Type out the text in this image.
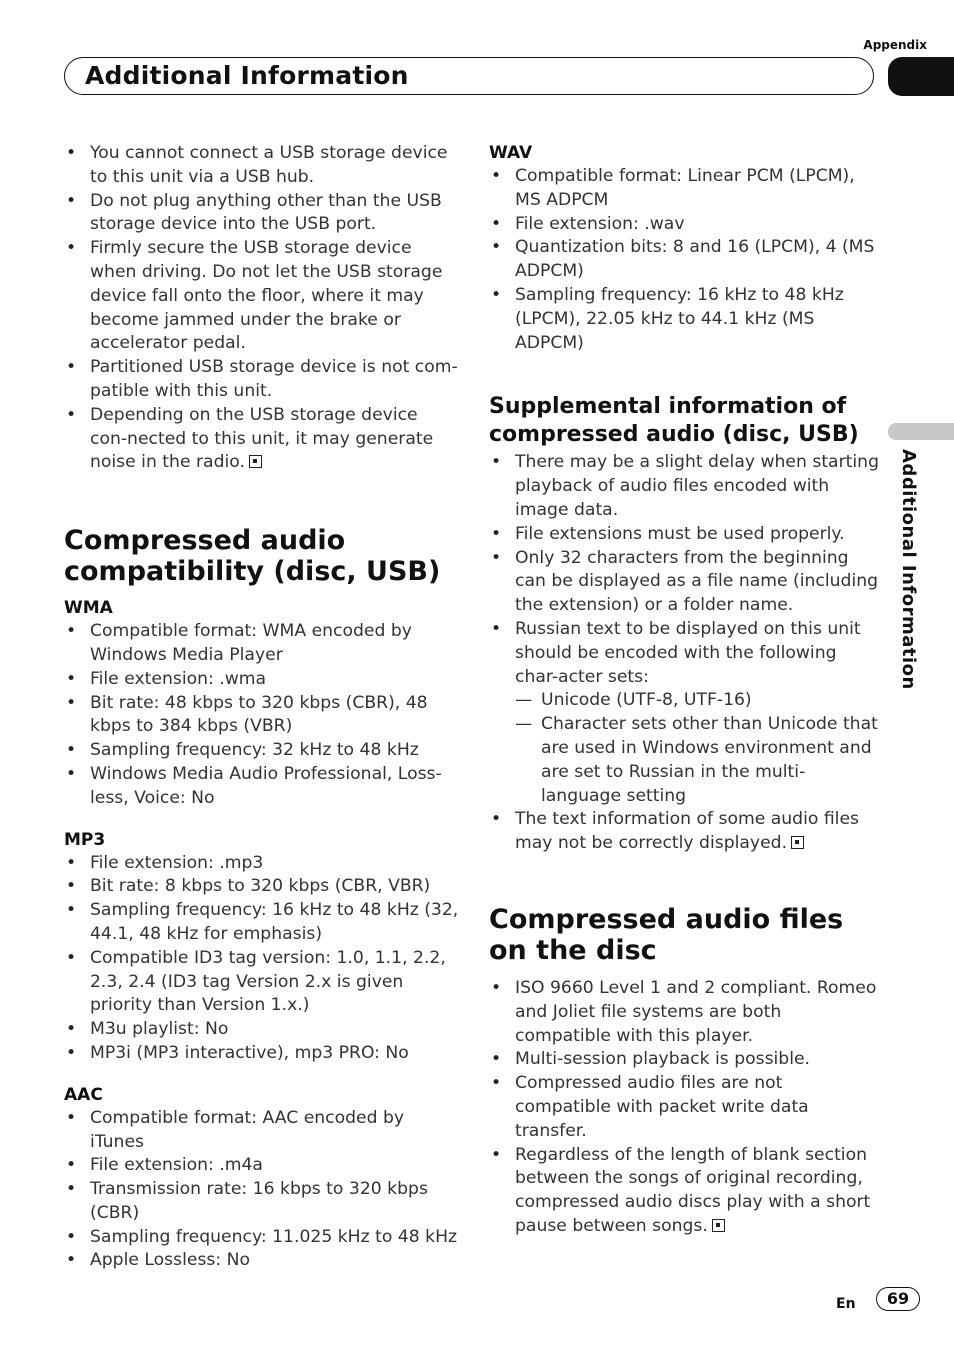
Appendix
Additional Information
Additional Information
• You cannot connect a USB storage device to this unit via a USB hub.
• Do not plug anything other than the USB storage device into the USB port.
• Firmly secure the USB storage device when driving. Do not let the USB storage device fall onto the floor, where it may become jammed under the brake or accelerator pedal.
• Partitioned USB storage device is not com-patible with this unit.
• Depending on the USB storage device con-nected to this unit, it may generate noise in the radio.
Compressed audio compatibility (disc, USB)
WMA
• Compatible format: WMA encoded by Windows Media Player
• File extension: .wma
• Bit rate: 48 kbps to 320 kbps (CBR), 48 kbps to 384 kbps (VBR)
• Sampling frequency: 32 kHz to 48 kHz
• Windows Media Audio Professional, Loss-less, Voice: No
MP3
• File extension: .mp3
• Bit rate: 8 kbps to 320 kbps (CBR, VBR)
• Sampling frequency: 16 kHz to 48 kHz (32, 44.1, 48 kHz for emphasis)
• Compatible ID3 tag version: 1.0, 1.1, 2.2, 2.3, 2.4 (ID3 tag Version 2.x is given priority than Version 1.x.)
• M3u playlist: No
• MP3i (MP3 interactive), mp3 PRO: No
AAC
• Compatible format: AAC encoded by iTunes
• File extension: .m4a
• Transmission rate: 16 kbps to 320 kbps (CBR)
• Sampling frequency: 11.025 kHz to 48 kHz
• Apple Lossless: No
WAV
• Compatible format: Linear PCM (LPCM), MS ADPCM
• File extension: .wav
• Quantization bits: 8 and 16 (LPCM), 4 (MS ADPCM)
• Sampling frequency: 16 kHz to 48 kHz (LPCM), 22.05 kHz to 44.1 kHz (MS ADPCM)
Supplemental information of compressed audio (disc, USB)
• There may be a slight delay when starting playback of audio files encoded with image data.
• File extensions must be used properly.
• Only 32 characters from the beginning can be displayed as a file name (including the extension) or a folder name.
• Russian text to be displayed on this unit should be encoded with the following char-acter sets:
— Unicode (UTF-8, UTF-16)
— Character sets other than Unicode that are used in Windows environment and are set to Russian in the multi-language setting
• The text information of some audio files may not be correctly displayed.
Compressed audio files on the disc
• ISO 9660 Level 1 and 2 compliant. Romeo and Joliet file systems are both compatible with this player.
• Multi-session playback is possible.
• Compressed audio files are not compatible with packet write data transfer.
• Regardless of the length of blank section between the songs of original recording, compressed audio discs play with a short pause between songs.
En	69
